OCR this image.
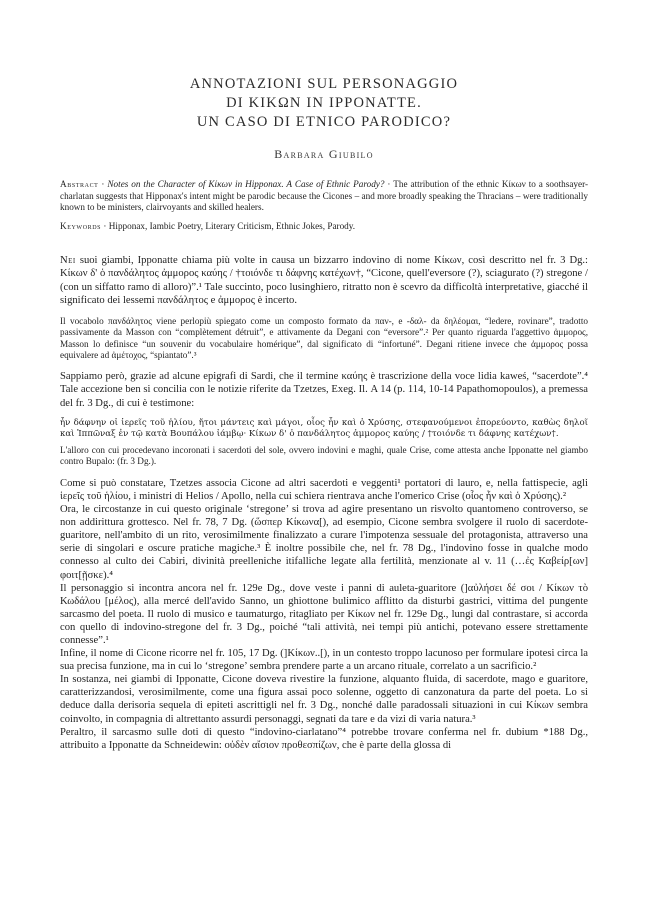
ANNOTAZIONI SUL PERSONAGGIO

DI ΚΙΚΩΝ IN IPPONATTE.

UN CASO DI ETNICO PARODICO?

Barbara Giubilo

Abstract · Notes on the Character of Κίκων in Hipponax. A Case of Ethnic Parody? · The attribution of the ethnic Κίκων to a soothsayer-charlatan suggests that Hipponax's intent might be parodic because the Cicones – and more broadly speaking the Thracians – were traditionally known to be ministers, clairvoyants and skilled healers.

Keywords · Hipponax, Iambic Poetry, Literary Criticism, Ethnic Jokes, Parody.

Nei suoi giambi, Ipponatte chiama più volte in causa un bizzarro indovino di nome Κίκων, così descritto nel fr. 3 Dg.: Κίκων δ' ὁ πανδάλητος ἀμμορος καύης / †τοιόνδε τι δάφνης κατέχων†, “Cicone, quell'eversore (?), sciagurato (?) stregone / (con un siffatto ramo di alloro)”.¹ Tale succinto, poco lusinghiero, ritratto non è scevro da difficoltà interpretative, giacché il significato dei lessemi πανδάλητος e ἀμμορος è incerto.

Il vocabolo πανδάλητος viene perlopiù spiegato come un composto formato da παν-, e -δαλ- da δηλέομαι, “ledere, rovinare”, tradotto passivamente da Masson con “complètement détruit”, e attivamente da Degani con “eversore”.² Per quanto riguarda l'aggettivo ἀμμορος, Masson lo definisce “un souvenir du vocabulaire homérique”, dal significato di “infortuné”. Degani ritiene invece che ἀμμορος possa equivalere ad ἀμέτοχος, “spiantato”.³

Sappiamo però, grazie ad alcune epigrafi di Sardi, che il termine καύης è trascrizione della voce lidia kaweś, “sacerdote”.⁴ Tale accezione ben si concilia con le notizie riferite da Tzetzes, Exeg. Il. Α 14 (p. 114, 10-14 Papathomopoulos), a premessa del fr. 3 Dg., di cui è testimone:

ἦν δάφνην οἱ ἱερεῖς τοῦ ἡλίου, ἤτοι μάντεις καὶ μάγοι, οἷος ἦν καὶ ὁ Χρύσης, στεφανούμενοι ἐπορεύοντο, καθὼς δηλοῖ καὶ Ἱππῶναξ ἐν τῷ κατὰ Βουπάλου ἰάμβῳ· Κίκων δ' ὁ πανδάλητος ἀμμορος καύης / †τοιόνδε τι δάφνης κατέχων†.

L'alloro con cui procedevano incoronati i sacerdoti del sole, ovvero indovini e maghi, quale Crise, come attesta anche Ipponatte nel giambo contro Bupalo: (fr. 3 Dg.).

Come si può constatare, Tzetzes associa Cicone ad altri sacerdoti e veggenti¹ portatori di lauro, e, nella fattispecie, agli ἱερεῖς τοῦ ἡλίου, i ministri di Helios / Apollo, nella cui schiera rientrava anche l'omerico Crise (οἷος ἦν καὶ ὁ Χρύσης).²

Ora, le circostanze in cui questo originale ‘stregone’ si trova ad agire presentano un risvolto quantomeno controverso, se non addirittura grottesco. Nel fr. 78, 7 Dg. (ὥσπερ Κίκωνα[), ad esempio, Cicone sembra svolgere il ruolo di sacerdote-guaritore, nell'ambito di un rito, verosimilmente finalizzato a curare l'impotenza sessuale del protagonista, attraverso una serie di singolari e oscure pratiche magiche.³ È inoltre possibile che, nel fr. 78 Dg., l'indovino fosse in qualche modo connesso al culto dei Cabiri, divinità preelleniche itifalliche legate alla fertilità, menzionate al v. 11 (…ἐς Καβείρ[ων] φοιτ[ῇσκε).⁴

Il personaggio si incontra ancora nel fr. 129e Dg., dove veste i panni di auleta-guaritore (]αὐλήσει δέ σοι / Κίκων τὸ Κωδάλου [μέλος), alla mercé dell'avido Sanno, un ghiottone bulimico afflitto da disturbi gastrici, vittima del pungente sarcasmo del poeta. Il ruolo di musico e taumaturgo, ritagliato per Κίκων nel fr. 129e Dg., lungi dal contrastare, si accorda con quello di indovino-stregone del fr. 3 Dg., poiché “tali attività, nei tempi più antichi, potevano essere strettamente connesse”.¹

Infine, il nome di Cicone ricorre nel fr. 105, 17 Dg. (]Κίκων..[), in un contesto troppo lacunoso per formulare ipotesi circa la sua precisa funzione, ma in cui lo ‘stregone’ sembra prendere parte a un arcano rituale, correlato a un sacrificio.²

In sostanza, nei giambi di Ipponatte, Cicone doveva rivestire la funzione, alquanto fluida, di sacerdote, mago e guaritore, caratterizzandosi, verosimilmente, come una figura assai poco solenne, oggetto di canzonatura da parte del poeta. Lo si deduce dalla derisoria sequela di epiteti ascrittigli nel fr. 3 Dg., nonché dalle paradossali situazioni in cui Κίκων sembra coinvolto, in compagnia di altrettanto assurdi personaggi, segnati da tare e da vizi di varia natura.³

Peraltro, il sarcasmo sulle doti di questo “indovino-ciarlatano”⁴ potrebbe trovare conferma nel fr. dubium *188 Dg., attribuito a Ipponatte da Schneidewin: οὐδὲν αἴσιον προθεσπίζων, che è parte della glossa di
